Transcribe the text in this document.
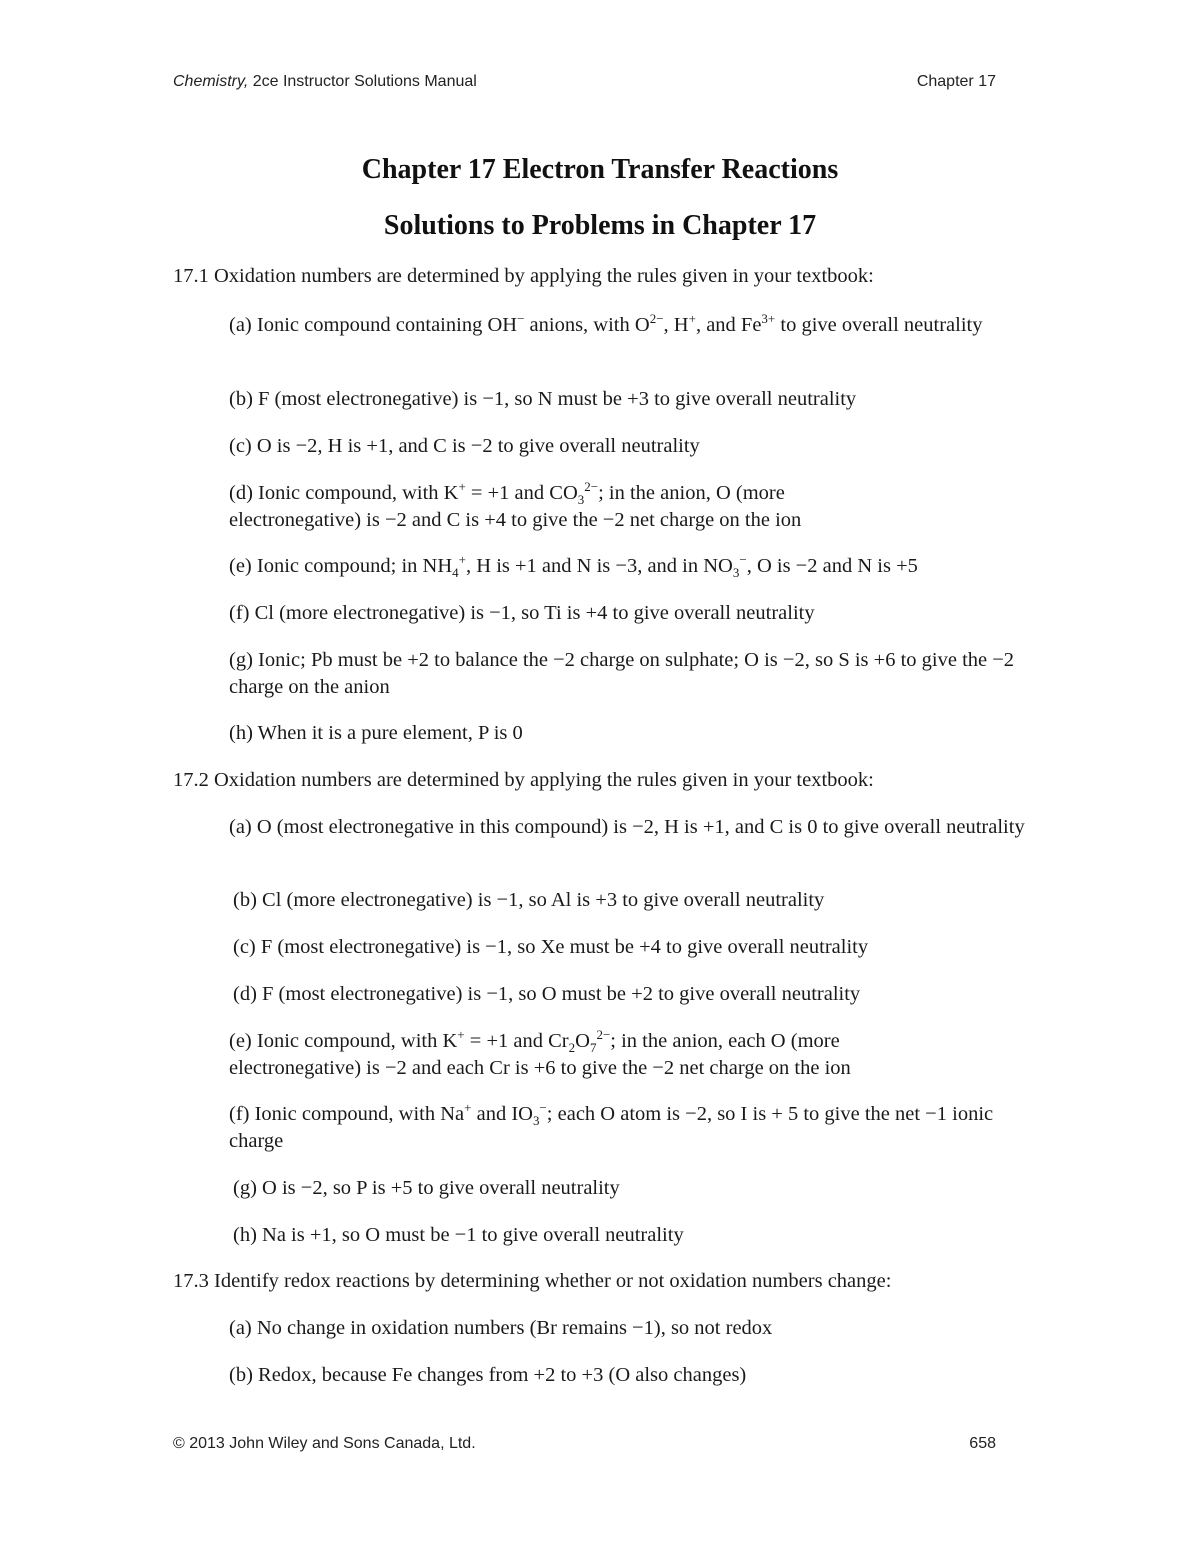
Chemistry, 2ce Instructor Solutions Manual	Chapter 17
Chapter 17 Electron Transfer Reactions
Solutions to Problems in Chapter 17
17.1 Oxidation numbers are determined by applying the rules given in your textbook:
(a) Ionic compound containing OH− anions, with $O^{2-}$, H+, and $Fe^{3+}$ to give overall neutrality
(b) F (most electronegative) is −1, so N must be +3 to give overall neutrality
(c) O is −2, H is +1, and C is −2 to give overall neutrality
(d) Ionic compound, with K+ = +1 and $CO_3^{2-}$; in the anion, O (more electronegative) is −2 and C is +4 to give the −2 net charge on the ion
(e) Ionic compound; in $NH_4^+$, H is +1 and N is −3, and in $NO_3^-$, O is −2 and N is +5
(f) Cl (more electronegative) is −1, so Ti is +4 to give overall neutrality
(g) Ionic; Pb must be +2 to balance the −2 charge on sulphate; O is −2, so S is +6 to give the −2 charge on the anion
(h) When it is a pure element, P is 0
17.2 Oxidation numbers are determined by applying the rules given in your textbook:
(a) O (most electronegative in this compound) is −2, H is +1, and C is 0 to give overall neutrality
(b) Cl (more electronegative) is −1, so Al is +3 to give overall neutrality
(c) F (most electronegative) is −1, so Xe must be +4 to give overall neutrality
(d) F (most electronegative) is −1, so O must be +2 to give overall neutrality
(e) Ionic compound, with K+ = +1 and $Cr_2O_7^{2-}$; in the anion, each O (more electronegative) is −2 and each Cr is +6 to give the −2 net charge on the ion
(f) Ionic compound, with Na+ and $IO_3^-$; each O atom is −2, so I is + 5 to give the net −1 ionic charge
(g) O is −2, so P is +5 to give overall neutrality
(h) Na is +1, so O must be −1 to give overall neutrality
17.3 Identify redox reactions by determining whether or not oxidation numbers change:
(a) No change in oxidation numbers (Br remains −1), so not redox
(b) Redox, because Fe changes from +2 to +3 (O also changes)
© 2013 John Wiley and Sons Canada, Ltd.	658
